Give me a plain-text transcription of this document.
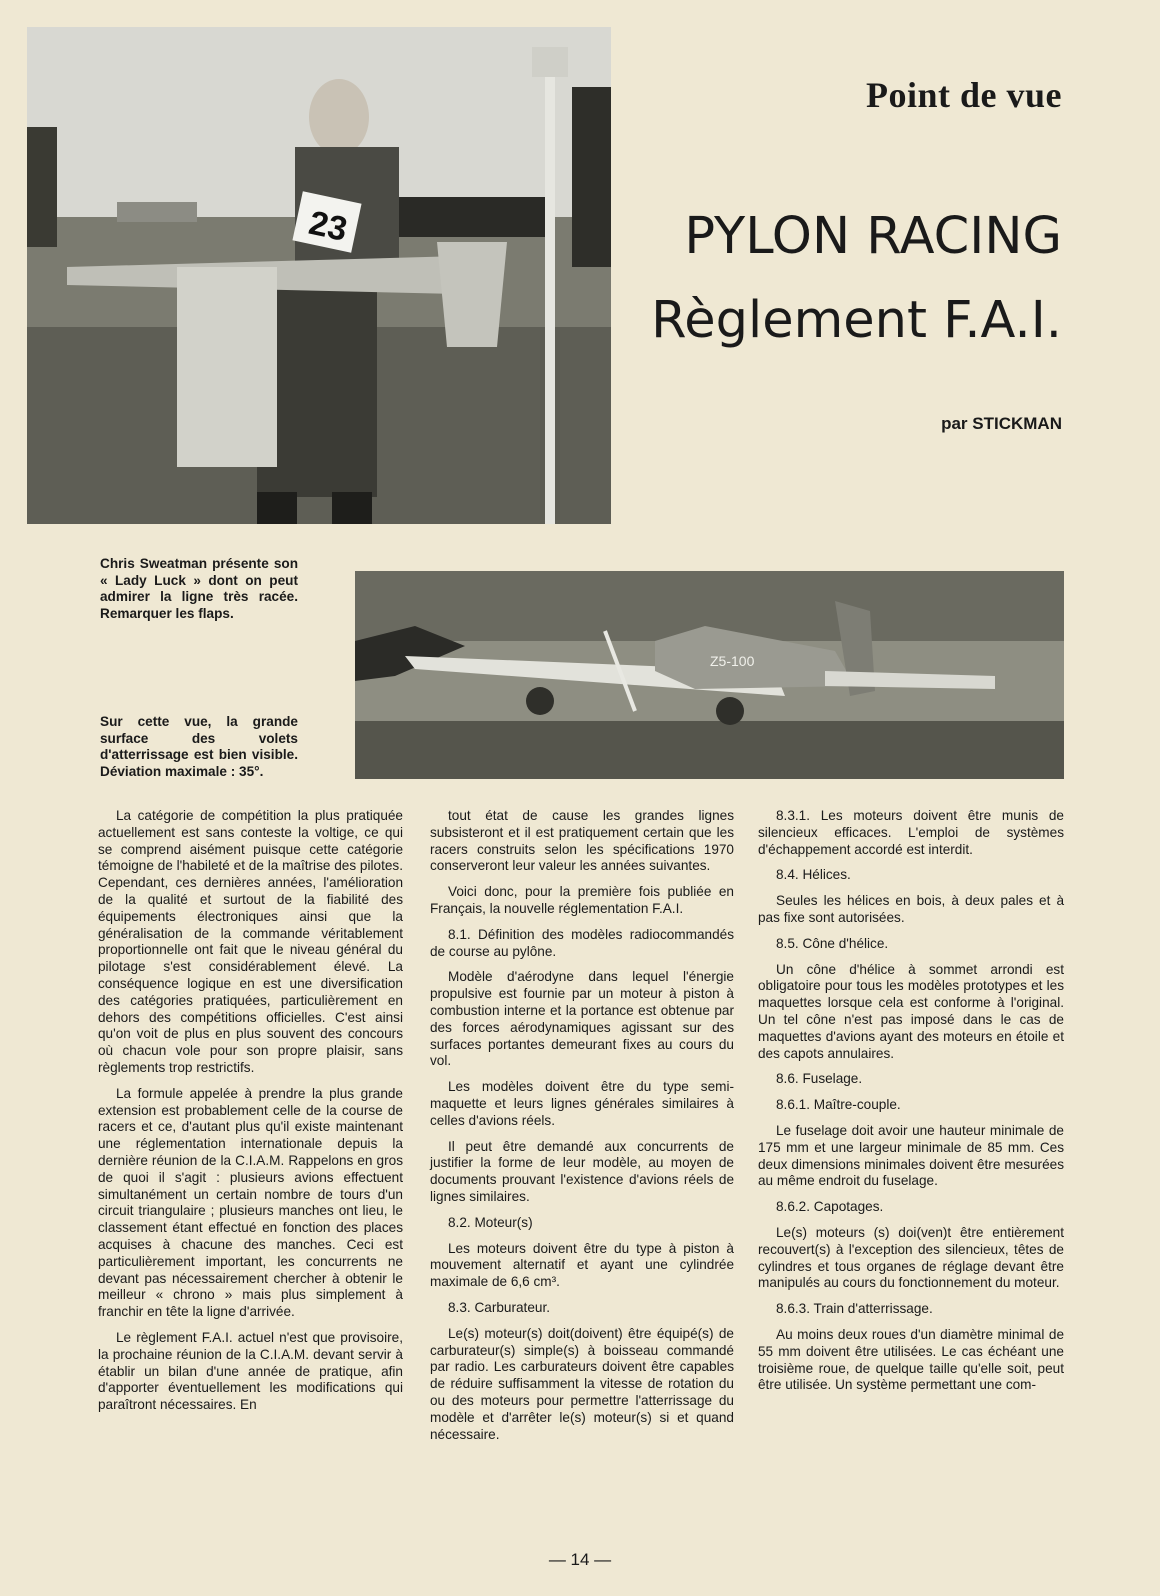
23
Point de vue
PYLON RACING
Règlement F.A.I.
par STICKMAN
Chris Sweatman présente son « Lady Luck » dont on peut admirer la ligne très racée. Remarquer les flaps.
Sur cette vue, la grande surface des volets d'atterrissage est bien visible. Déviation maximale : 35°.
Z5-100

La catégorie de compétition la plus pratiquée actuellement est sans conteste la voltige, ce qui se comprend aisément puisque cette catégorie témoigne de l'habileté et de la maîtrise des pilotes. Cependant, ces dernières années, l'amélioration de la qualité et surtout de la fiabilité des équipements électroniques ainsi que la généralisation de la commande véritablement proportionnelle ont fait que le niveau général du pilotage s'est considérablement élevé. La conséquence logique en est une diversification des catégories pratiquées, particulièrement en dehors des compétitions officielles. C'est ainsi qu'on voit de plus en plus souvent des concours où chacun vole pour son propre plaisir, sans règlements trop restrictifs.

La formule appelée à prendre la plus grande extension est probablement celle de la course de racers et ce, d'autant plus qu'il existe maintenant une réglementation internationale depuis la dernière réunion de la C.I.A.M. Rappelons en gros de quoi il s'agit : plusieurs avions effectuent simultanément un certain nombre de tours d'un circuit triangulaire ; plusieurs manches ont lieu, le classement étant effectué en fonction des places acquises à chacune des manches. Ceci est particulièrement important, les concurrents ne devant pas nécessairement chercher à obtenir le meilleur « chrono » mais plus simplement à franchir en tête la ligne d'arrivée.

Le règlement F.A.I. actuel n'est que provisoire, la prochaine réunion de la C.I.A.M. devant servir à établir un bilan d'une année de pratique, afin d'apporter éventuellement les modifications qui paraîtront nécessaires. En

tout état de cause les grandes lignes subsisteront et il est pratiquement certain que les racers construits selon les spécifications 1970 conserveront leur valeur les années suivantes.

Voici donc, pour la première fois publiée en Français, la nouvelle réglementation F.A.I.

8.1. Définition des modèles radiocommandés de course au pylône.

Modèle d'aérodyne dans lequel l'énergie propulsive est fournie par un moteur à piston à combustion interne et la portance est obtenue par des forces aérodynamiques agissant sur des surfaces portantes demeurant fixes au cours du vol.

Les modèles doivent être du type semi-maquette et leurs lignes générales similaires à celles d'avions réels.

Il peut être demandé aux concurrents de justifier la forme de leur modèle, au moyen de documents prouvant l'existence d'avions réels de lignes similaires.

8.2. Moteur(s)

Les moteurs doivent être du type à piston à mouvement alternatif et ayant une cylindrée maximale de 6,6 cm³.

8.3. Carburateur.

Le(s) moteur(s) doit(doivent) être équipé(s) de carburateur(s) simple(s) à boisseau commandé par radio. Les carburateurs doivent être capables de réduire suffisamment la vitesse de rotation du ou des moteurs pour permettre l'atterrissage du modèle et d'arrêter le(s) moteur(s) si et quand nécessaire.

8.3.1. Les moteurs doivent être munis de silencieux efficaces. L'emploi de systèmes d'échappement accordé est interdit.

8.4. Hélices.

Seules les hélices en bois, à deux pales et à pas fixe sont autorisées.

8.5. Cône d'hélice.

Un cône d'hélice à sommet arrondi est obligatoire pour tous les modèles prototypes et les maquettes lorsque cela est conforme à l'original. Un tel cône n'est pas imposé dans le cas de maquettes d'avions ayant des moteurs en étoile et des capots annulaires.

8.6. Fuselage.

8.6.1. Maître-couple.

Le fuselage doit avoir une hauteur minimale de 175 mm et une largeur minimale de 85 mm. Ces deux dimensions minimales doivent être mesurées au même endroit du fuselage.

8.6.2. Capotages.

Le(s) moteurs (s) doi(ven)t être entièrement recouvert(s) à l'exception des silencieux, têtes de cylindres et tous organes de réglage devant être manipulés au cours du fonctionnement du moteur.

8.6.3. Train d'atterrissage.

Au moins deux roues d'un diamètre minimal de 55 mm doivent être utilisées. Le cas échéant une troisième roue, de quelque taille qu'elle soit, peut être utilisée. Un système permettant une com-

— 14 —
